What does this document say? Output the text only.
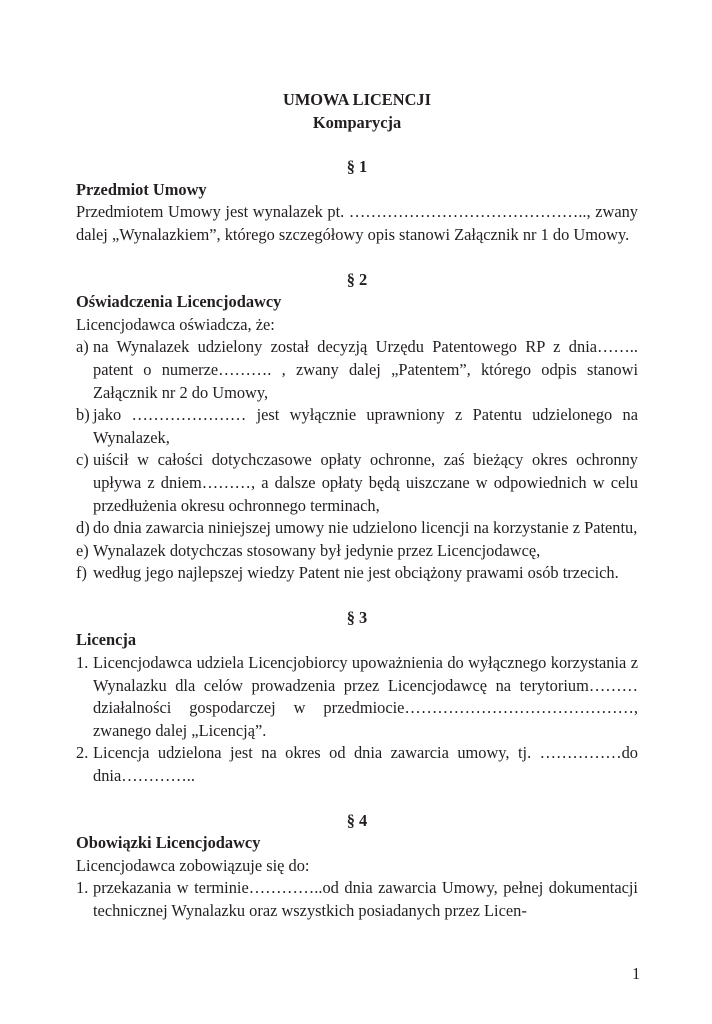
UMOWA LICENCJI

Komparycja

§ 1

Przedmiot Umowy

Przedmiotem Umowy jest wynalazek pt. …………………………………….., zwany dalej „Wynalazkiem”, którego szczegółowy opis stanowi Załącznik nr 1 do Umowy.

§ 2

Oświadczenia Licencjodawcy

Licencjodawca oświadcza, że:

a) na Wynalazek udzielony został decyzją Urzędu Patentowego RP z dnia…….. patent o numerze………. , zwany dalej „Patentem”, którego odpis stanowi Załącznik nr 2 do Umowy,
b) jako ………………… jest wyłącznie uprawniony z Patentu udzielonego na Wynalazek,
c) uiścił w całości dotychczasowe opłaty ochronne, zaś bieżący okres ochronny upływa z dniem………, a dalsze opłaty będą uiszczane w odpowiednich w celu przedłużenia okresu ochronnego terminach,
d) do dnia zawarcia niniejszej umowy nie udzielono licencji na korzystanie z Patentu,
e) Wynalazek dotychczas stosowany był jedynie przez Licencjodawcę,
f) według jego najlepszej wiedzy Patent nie jest obciążony prawami osób trzecich.

§ 3

Licencja

1. Licencjodawca udziela Licencjobiorcy upoważnienia do wyłącznego korzystania z Wynalazku dla celów prowadzenia przez Licencjodawcę na terytorium……… działalności gospodarczej w przedmiocie……………………………………, zwanego dalej „Licencją”.
2. Licencja udzielona jest na okres od dnia zawarcia umowy, tj. ……………do dnia…………..

§ 4

Obowiązki Licencjodawcy

Licencjodawca zobowiązuje się do:

1. przekazania w terminie…………..od dnia zawarcia Umowy, pełnej dokumentacji technicznej Wynalazku oraz wszystkich posiadanych przez Licen-

1
